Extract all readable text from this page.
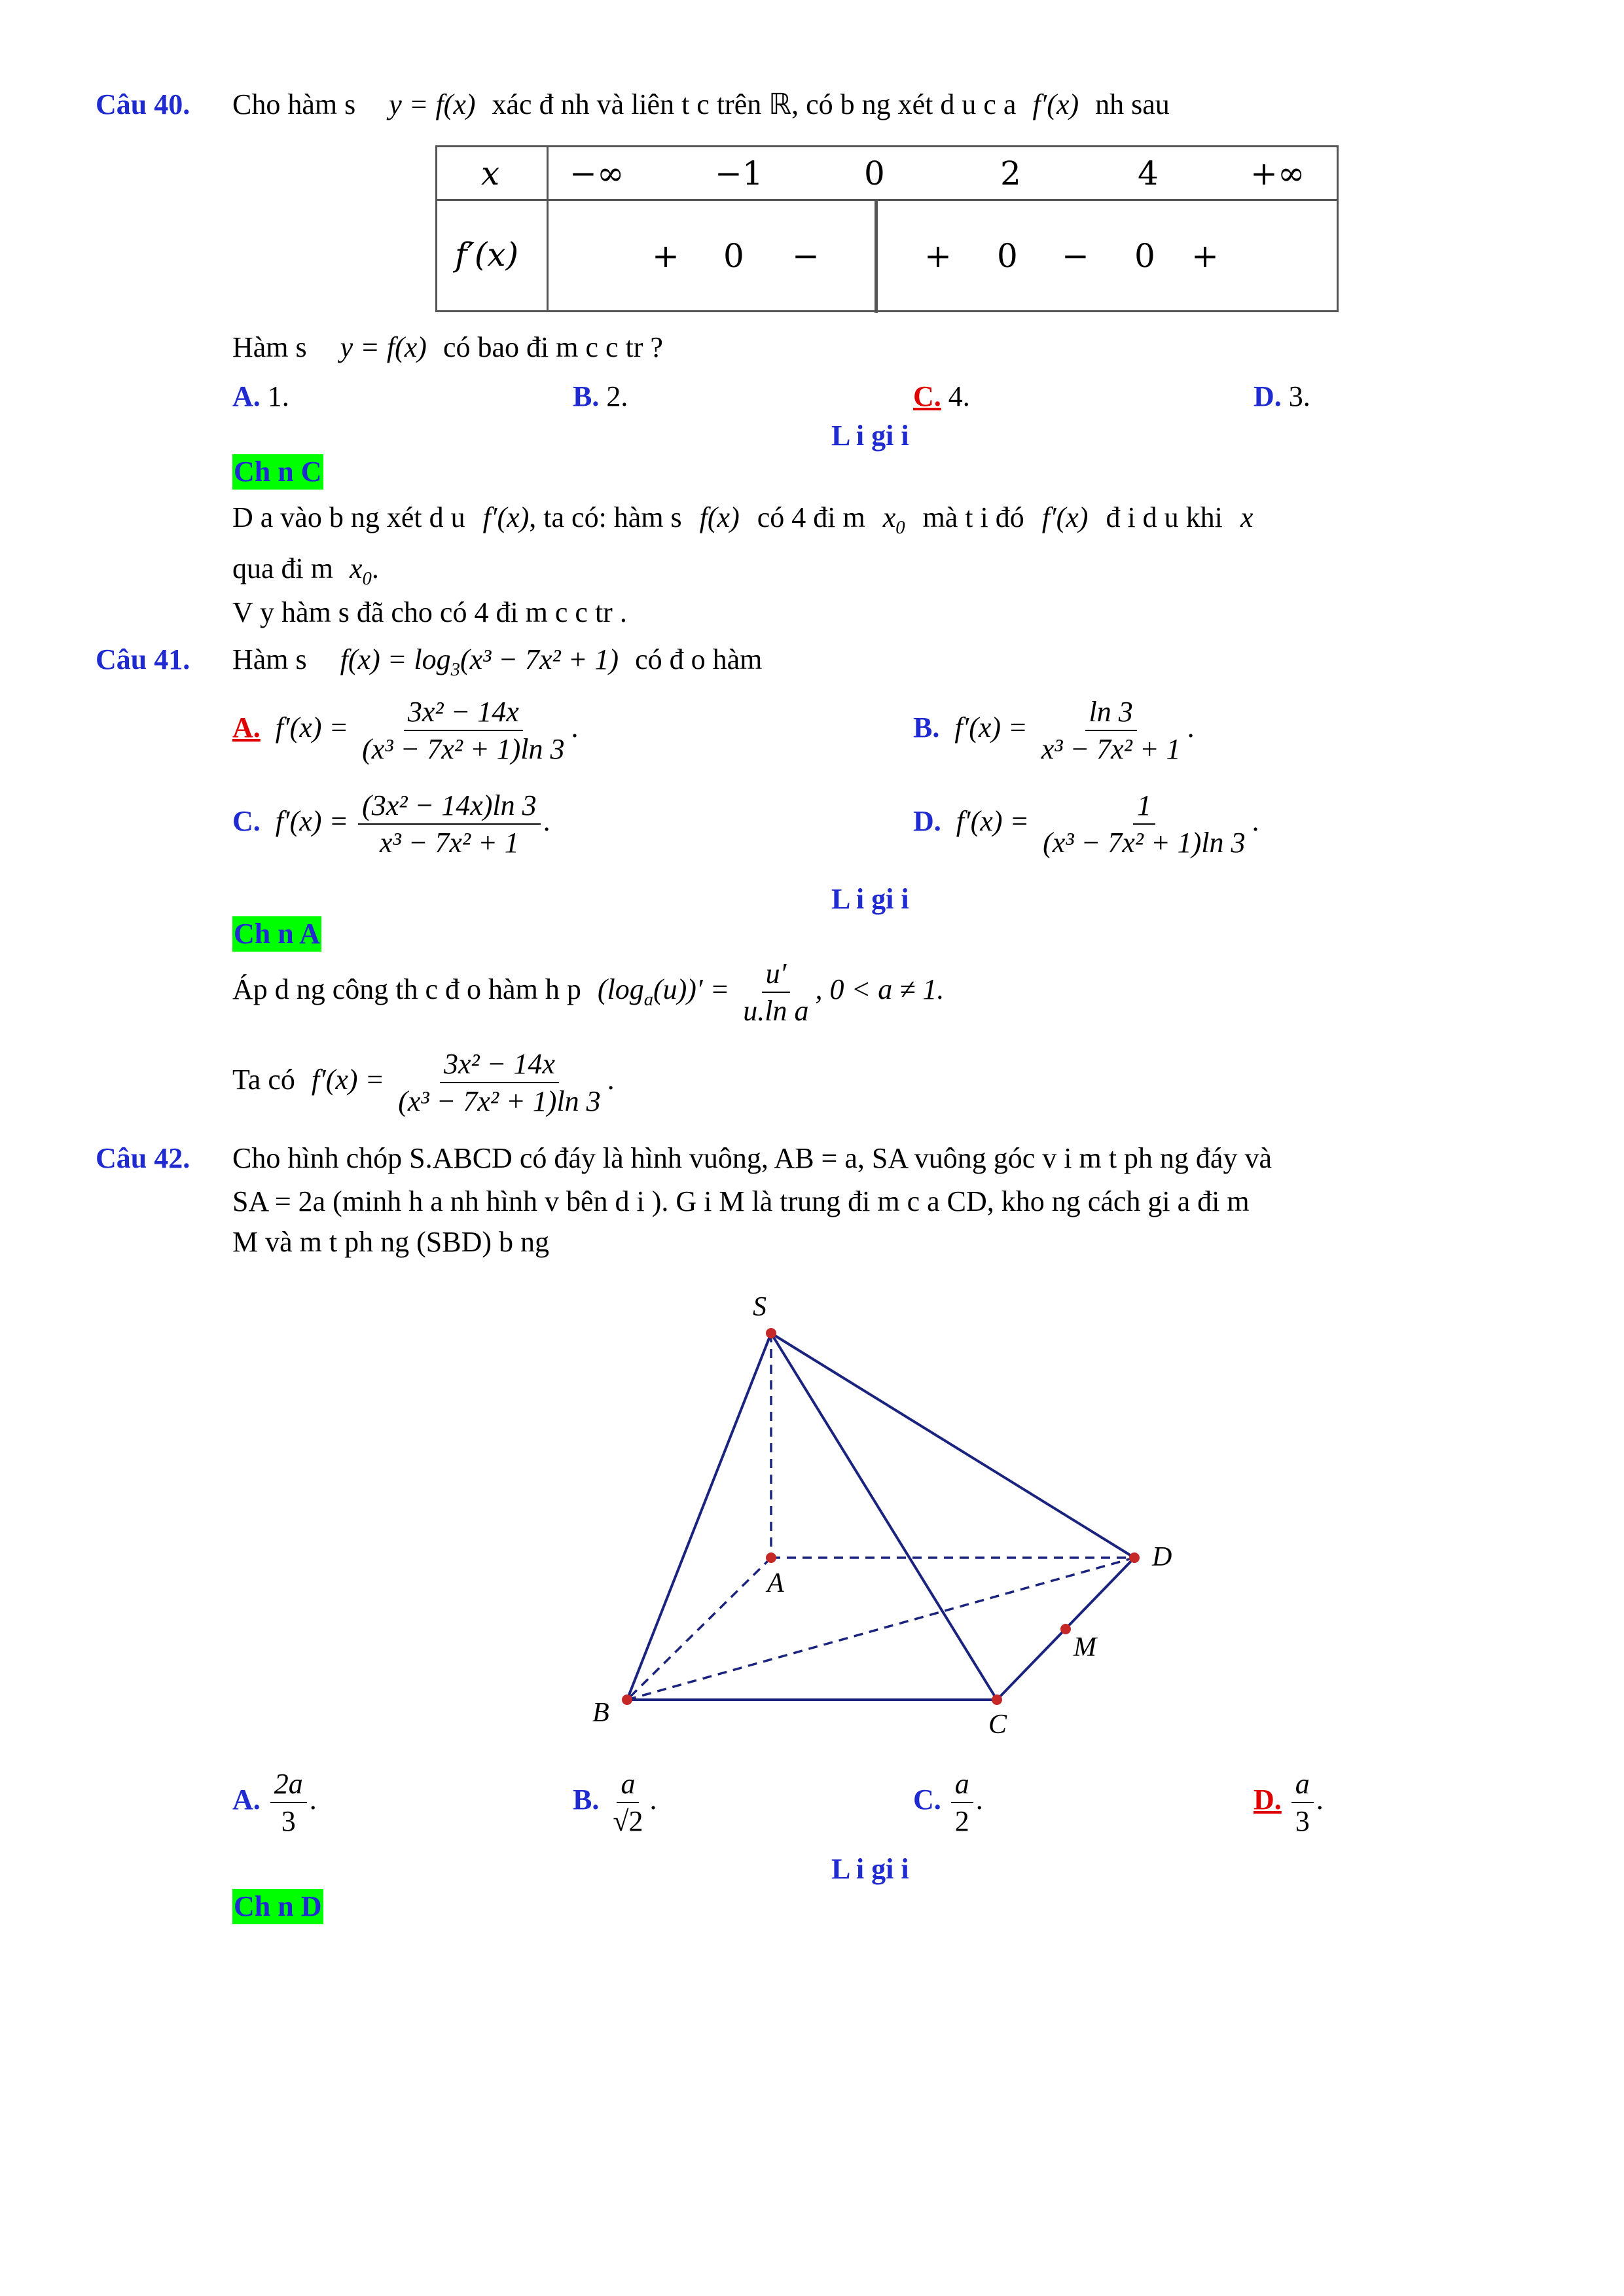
Câu 40. Cho hàm s y = f(x) xác đ nh và liên t c trên ℝ, có b ng xét d u c a f′(x) nh sau

x −∞	−1	0	2	4	+∞
f′(x)	+ 0 −	+ 0 − 0 +
Hàm s y = f(x) có bao đi m c c tr ?
A. 1.	B. 2.	C. 4.	D. 3.
L i gi i
Ch n C
D a vào b ng xét d u f′(x), ta có: hàm s f(x) có 4 đi m $x_0$ mà t i đó f′(x) đ i d u khi x
qua đi m $x_0$.
V y hàm s đã cho có 4 đi m c c tr .
Câu 41. Hàm s $f(x) = \log_3(x^3 - 7x^2 + 1)$ có đ o hàm
A. $f'(x) = \frac{\text{3x² − 14x}}{\text{(x³ − 7x² + 1)ln 3}}$ .	B. $f'(x) = \frac{\ln 3}{\text{x³ − 7x² + 1}}$ .
C. $f'(x) = \frac{\text{(3x² − 14x)ln 3}}{\text{x³ − 7x² + 1}}$ .	D. $f'(x) = \frac{1}{\text{(x³ − 7x² + 1)ln 3}}$ .
L i gi i
Ch n A
Áp d ng công th c đ o hàm h p $(\log_a(u))' = \frac{u'}{\text{u.ln a}}$ , 0 < a ≠ 1.
Ta có $f'(x) = \frac{\text{3x² − 14x}}{\text{(x³ − 7x² + 1)ln 3}}$ .
Câu 42. Cho hình chóp S.ABCD có đáy là hình vuông, AB = a, SA vuông góc v i m t ph ng đáy và
SA = 2a (minh h a nh hình v bên d i ). G i M là trung đi m c a CD, kho ng cách gi a đi m
M và m t ph ng (SBD) b ng
S
A
B	C
D
M
A. $\frac{2a}{3}$ .	B. $\frac{a}{√2}$ .	C. $\frac{a}{2}$ .	D. $\frac{a}{3}$ .
L i gi i
Ch n D
